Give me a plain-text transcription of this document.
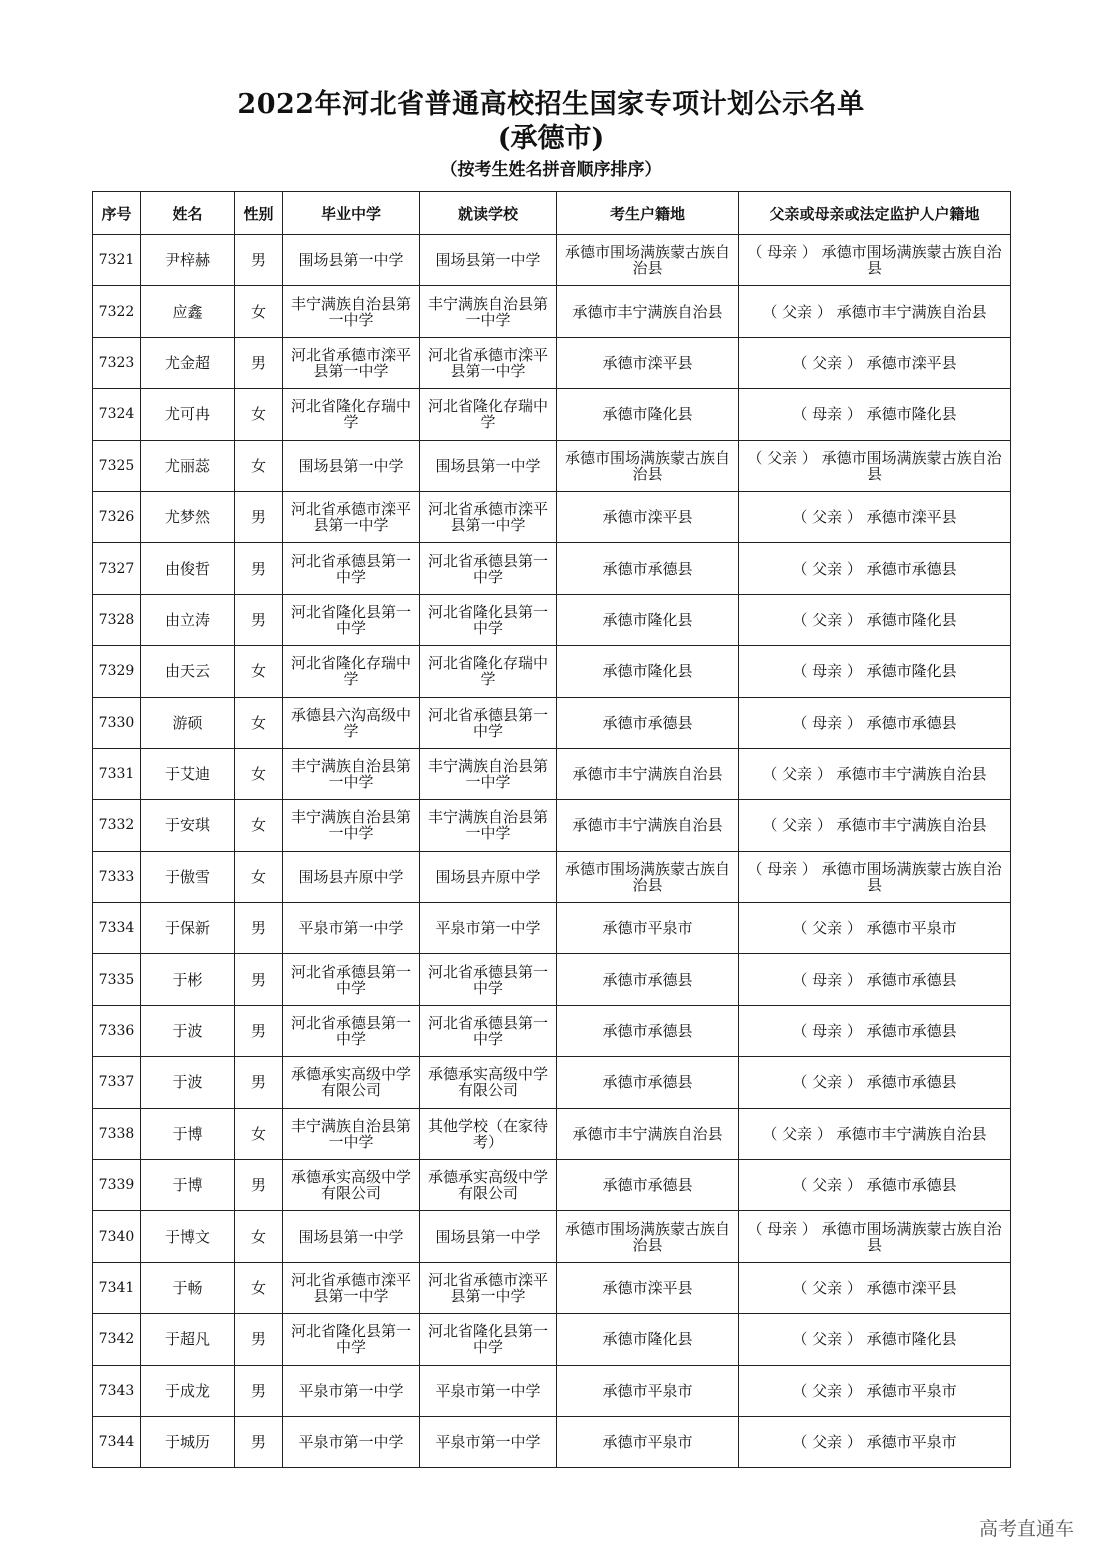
2022年河北省普通高校招生国家专项计划公示名单
(承德市)
（按考生姓名拼音顺序排序）
序号	姓名	性别	毕业中学	就读学校	考生户籍地	父亲或母亲或法定监护人户籍地
7321	尹梓赫	男	围场县第一中学	围场县第一中学	承德市围场满族蒙古族自治县	（ 母亲 ） 承德市围场满族蒙古族自治县
7322	应鑫	女	丰宁满族自治县第一中学	丰宁满族自治县第一中学	承德市丰宁满族自治县	（ 父亲 ） 承德市丰宁满族自治县
7323	尤金超	男	河北省承德市滦平县第一中学	河北省承德市滦平县第一中学	承德市滦平县	（ 父亲 ） 承德市滦平县
7324	尤可冉	女	河北省隆化存瑞中学	河北省隆化存瑞中学	承德市隆化县	（ 母亲 ） 承德市隆化县
7325	尤丽蕊	女	围场县第一中学	围场县第一中学	承德市围场满族蒙古族自治县	（ 父亲 ） 承德市围场满族蒙古族自治县
7326	尤梦然	男	河北省承德市滦平县第一中学	河北省承德市滦平县第一中学	承德市滦平县	（ 父亲 ） 承德市滦平县
7327	由俊哲	男	河北省承德县第一中学	河北省承德县第一中学	承德市承德县	（ 父亲 ） 承德市承德县
7328	由立涛	男	河北省隆化县第一中学	河北省隆化县第一中学	承德市隆化县	（ 父亲 ） 承德市隆化县
7329	由天云	女	河北省隆化存瑞中学	河北省隆化存瑞中学	承德市隆化县	（ 母亲 ） 承德市隆化县
7330	游硕	女	承德县六沟高级中学	河北省承德县第一中学	承德市承德县	（ 母亲 ） 承德市承德县
7331	于艾迪	女	丰宁满族自治县第一中学	丰宁满族自治县第一中学	承德市丰宁满族自治县	（ 父亲 ） 承德市丰宁满族自治县
7332	于安琪	女	丰宁满族自治县第一中学	丰宁满族自治县第一中学	承德市丰宁满族自治县	（ 父亲 ） 承德市丰宁满族自治县
7333	于傲雪	女	围场县卉原中学	围场县卉原中学	承德市围场满族蒙古族自治县	（ 母亲 ） 承德市围场满族蒙古族自治县
7334	于保新	男	平泉市第一中学	平泉市第一中学	承德市平泉市	（ 父亲 ） 承德市平泉市
7335	于彬	男	河北省承德县第一中学	河北省承德县第一中学	承德市承德县	（ 母亲 ） 承德市承德县
7336	于波	男	河北省承德县第一中学	河北省承德县第一中学	承德市承德县	（ 母亲 ） 承德市承德县
7337	于波	男	承德承实高级中学有限公司	承德承实高级中学有限公司	承德市承德县	（ 父亲 ） 承德市承德县
7338	于博	女	丰宁满族自治县第一中学	其他学校（在家待考）	承德市丰宁满族自治县	（ 父亲 ） 承德市丰宁满族自治县
7339	于博	男	承德承实高级中学有限公司	承德承实高级中学有限公司	承德市承德县	（ 父亲 ） 承德市承德县
7340	于博文	女	围场县第一中学	围场县第一中学	承德市围场满族蒙古族自治县	（ 母亲 ） 承德市围场满族蒙古族自治县
7341	于畅	女	河北省承德市滦平县第一中学	河北省承德市滦平县第一中学	承德市滦平县	（ 父亲 ） 承德市滦平县
7342	于超凡	男	河北省隆化县第一中学	河北省隆化县第一中学	承德市隆化县	（ 父亲 ） 承德市隆化县
7343	于成龙	男	平泉市第一中学	平泉市第一中学	承德市平泉市	（ 父亲 ） 承德市平泉市
7344	于城历	男	平泉市第一中学	平泉市第一中学	承德市平泉市	（ 父亲 ） 承德市平泉市
高考直通车
